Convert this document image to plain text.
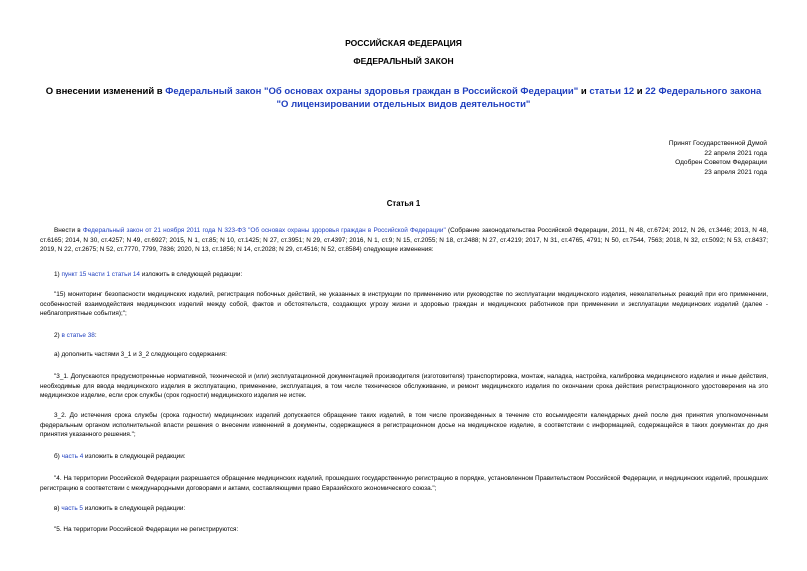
РОССИЙСКАЯ ФЕДЕРАЦИЯ
ФЕДЕРАЛЬНЫЙ ЗАКОН
О внесении изменений в Федеральный закон "Об основах охраны здоровья граждан в Российской Федерации" и статьи 12 и 22 Федерального закона "О лицензировании отдельных видов деятельности"
Принят Государственной Думой
22 апреля 2021 года
Одобрен Советом Федерации
23 апреля 2021 года
Статья 1

Внести в Федеральный закон от 21 ноября 2011 года N 323-ФЗ "Об основах охраны здоровья граждан в Российской Федерации" (Собрание законодательства Российской Федерации, 2011, N 48, ст.6724; 2012, N 26, ст.3446; 2013, N 48, ст.6165; 2014, N 30, ст.4257; N 49, ст.6927; 2015, N 1, ст.85; N 10, ст.1425; N 27, ст.3951; N 29, ст.4397; 2016, N 1, ст.9; N 15, ст.2055; N 18, ст.2488; N 27, ст.4219; 2017, N 31, ст.4765, 4791; N 50, ст.7544, 7563; 2018, N 32, ст.5092; N 53, ст.8437; 2019, N 22, ст.2675; N 52, ст.7770, 7799, 7836; 2020, N 13, ст.1856; N 14, ст.2028; N 29, ст.4516; N 52, ст.8584) следующие изменения:

1) пункт 15 части 1 статьи 14 изложить в следующей редакции:

"15) мониторинг безопасности медицинских изделий, регистрация побочных действий, не указанных в инструкции по применению или руководстве по эксплуатации медицинского изделия, нежелательных реакций при его применении, особенностей взаимодействия медицинских изделий между собой, фактов и обстоятельств, создающих угрозу жизни и здоровью граждан и медицинских работников при применении и эксплуатации медицинских изделий (далее - неблагоприятные события);";

2) в статье 38:

а) дополнить частями 3_1 и 3_2 следующего содержания:

"3_1. Допускаются предусмотренные нормативной, технической и (или) эксплуатационной документацией производителя (изготовителя) транспортировка, монтаж, наладка, настройка, калибровка медицинского изделия и иные действия, необходимые для ввода медицинского изделия в эксплуатацию, применение, эксплуатация, в том числе техническое обслуживание, и ремонт медицинского изделия по окончании срока действия регистрационного удостоверения на это медицинское изделие, если срок службы (срок годности) медицинского изделия не истек.

3_2. До истечения срока службы (срока годности) медицинских изделий допускается обращение таких изделий, в том числе произведенных в течение сто восьмидесяти календарных дней после дня принятия уполномоченным федеральным органом исполнительной власти решения о внесении изменений в документы, содержащиеся в регистрационном досье на медицинское изделие, в соответствии с информацией, содержащейся в таких документах до дня принятия указанного решения.";

б) часть 4 изложить в следующей редакции:

"4. На территории Российской Федерации разрешается обращение медицинских изделий, прошедших государственную регистрацию в порядке, установленном Правительством Российской Федерации, и медицинских изделий, прошедших регистрацию в соответствии с международными договорами и актами, составляющими право Евразийского экономического союза.";

в) часть 5 изложить в следующей редакции:

"5. На территории Российской Федерации не регистрируются:
